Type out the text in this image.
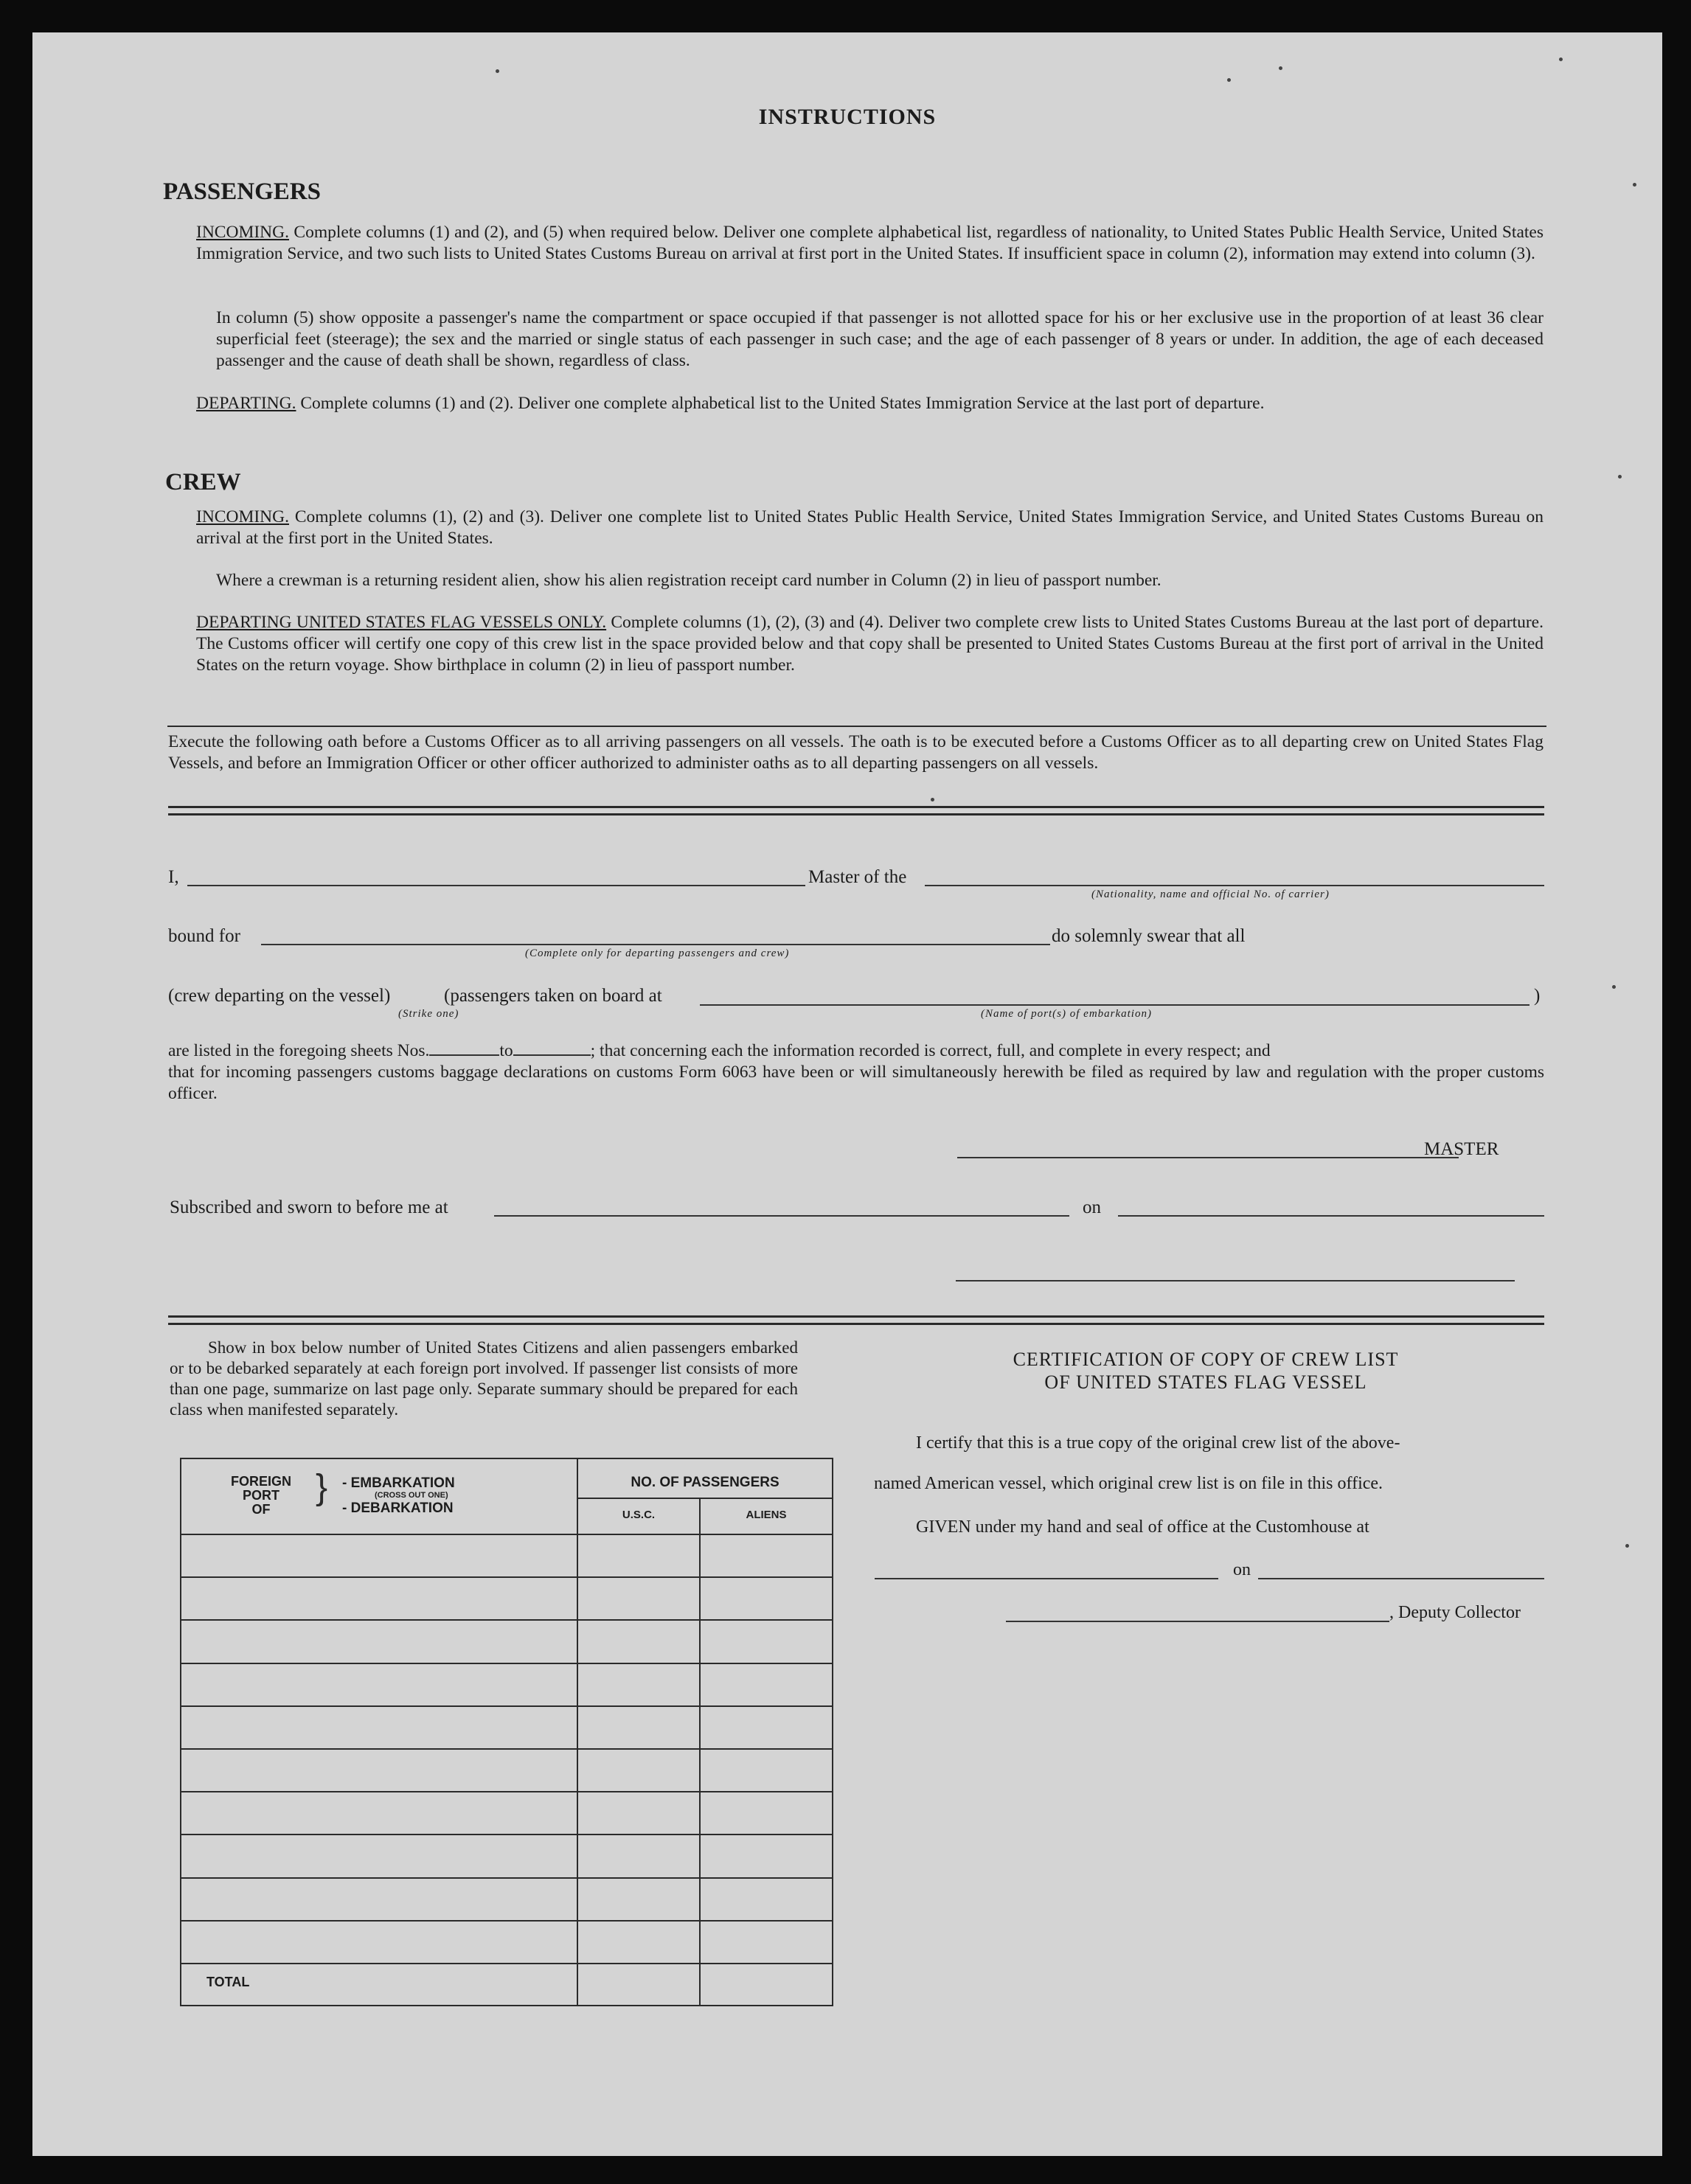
INSTRUCTIONS
PASSENGERS
INCOMING. Complete columns (1) and (2), and (5) when required below. Deliver one complete alphabetical list, regardless of nationality, to United States Public Health Service, United States Immigration Service, and two such lists to United States Customs Bureau on arrival at first port in the United States. If insufficient space in column (2), information may extend into column (3).
In column (5) show opposite a passenger's name the compartment or space occupied if that passenger is not allotted space for his or her exclusive use in the proportion of at least 36 clear superficial feet (steerage); the sex and the married or single status of each passenger in such case; and the age of each passenger of 8 years or under. In addition, the age of each deceased passenger and the cause of death shall be shown, regardless of class.
DEPARTING. Complete columns (1) and (2). Deliver one complete alphabetical list to the United States Immigration Service at the last port of departure.
CREW
INCOMING. Complete columns (1), (2) and (3). Deliver one complete list to United States Public Health Service, United States Immigration Service, and United States Customs Bureau on arrival at the first port in the United States.
Where a crewman is a returning resident alien, show his alien registration receipt card number in Column (2) in lieu of passport number.
DEPARTING UNITED STATES FLAG VESSELS ONLY. Complete columns (1), (2), (3) and (4). Deliver two complete crew lists to United States Customs Bureau at the last port of departure. The Customs officer will certify one copy of this crew list in the space provided below and that copy shall be presented to United States Customs Bureau at the first port of arrival in the United States on the return voyage. Show birthplace in column (2) in lieu of passport number.
Execute the following oath before a Customs Officer as to all arriving passengers on all vessels. The oath is to be executed before a Customs Officer as to all departing crew on United States Flag Vessels, and before an Immigration Officer or other officer authorized to administer oaths as to all departing passengers on all vessels.
I,	Master of the
(Nationality, name and official No. of carrier)
bound for	do solemnly swear that all
(Complete only for departing passengers and crew)
(crew departing on the vessel)	(passengers taken on board at	)
(Strike one)	(Name of port(s) of embarkation)
are listed in the foregoing sheets Nos.	to	; that concerning each the information recorded is correct, full, and complete in every respect; and
that for incoming passengers customs baggage declarations on customs Form 6063 have been or will simultaneously herewith be filed as required by law and regulation with the proper customs officer.
MASTER
Subscribed and sworn to before me at	on
Show in box below number of United States Citizens and alien passengers embarked or to be debarked separately at each foreign port involved. If passenger list consists of more than one page, summarize on last page only. Separate summary should be prepared for each class when manifested separately.
FOREIGN
PORT
OF
} - EMBARKATION
(CROSS OUT ONE)
- DEBARKATION
NO. OF PASSENGERS
U.S.C.	ALIENS
TOTAL
CERTIFICATION OF COPY OF CREW LIST
OF UNITED STATES FLAG VESSEL
I certify that this is a true copy of the original crew list of the above-
named American vessel, which original crew list is on file in this office.
GIVEN under my hand and seal of office at the Customhouse at
on
, Deputy Collector
